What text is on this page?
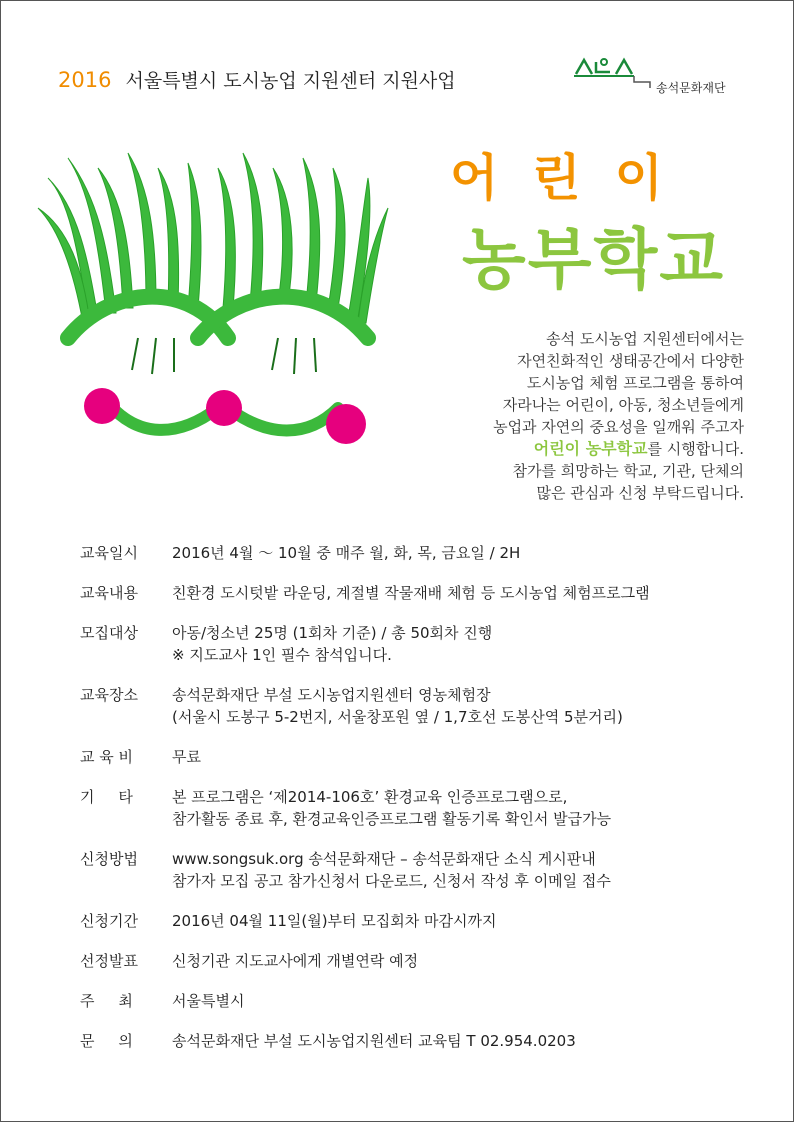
2016 서울특별시 도시농업 지원센터 지원사업	송석문화재단
어린이
농부학교
송석 도시농업 지원센터에서는
자연친화적인 생태공간에서 다양한
도시농업 체험 프로그램을 통하여
자라나는 어린이, 아동, 청소년들에게
농업과 자연의 중요성을 일깨워 주고자
어린이 농부학교를 시행합니다.
참가를 희망하는 학교, 기관, 단체의
많은 관심과 신청 부탁드립니다.
교육일시	2016년 4월 ～ 10월 중 매주 월, 화, 목, 금요일 / 2H
교육내용	친환경 도시텃밭 라운딩, 계절별 작물재배 체험 등 도시농업 체험프로그램
모집대상	아동/청소년 25명 (1회차 기준) / 총 50회차 진행
※ 지도교사 1인 필수 참석입니다.
교육장소	송석문화재단 부설 도시농업지원센터 영농체험장
(서울시 도봉구 5-2번지, 서울창포원 옆 / 1,7호선 도봉산역 5분거리)
교 육 비	무료
기     타	본 프로그램은 ‘제2014-106호’ 환경교육 인증프로그램으로,
참가활동 종료 후, 환경교육인증프로그램 활동기록 확인서 발급가능
신청방법	www.songsuk.org 송석문화재단 – 송석문화재단 소식 게시판내
참가자 모집 공고 참가신청서 다운로드, 신청서 작성 후 이메일 접수
신청기간	2016년 04월 11일(월)부터 모집회차 마감시까지
선정발표	신청기관 지도교사에게 개별연락 예정
주     최	서울특별시
문     의	송석문화재단 부설 도시농업지원센터 교육팀 T 02.954.0203
